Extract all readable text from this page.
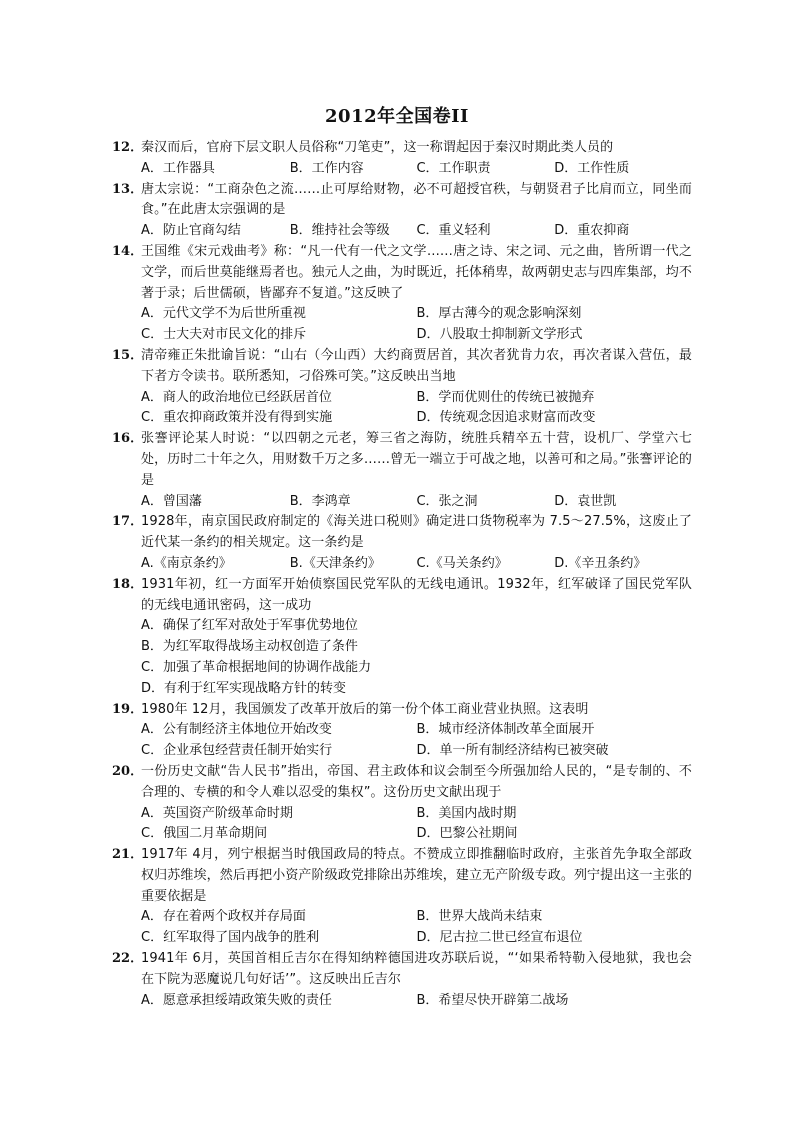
2012年全国卷II
12．
秦汉而后，官府下层文职人员俗称“刀笔吏”，这一称谓起因于秦汉时期此类人员的
A．工作器具	B．工作内容	C．工作职责	D．工作性质
13．
唐太宗说：“工商杂色之流……止可厚给财物，必不可超授官秩，与朝贤君子比肩而立，同坐而食。”在此唐太宗强调的是
A．防止官商勾结	B．维持社会等级	C．重义轻利	D．重农抑商
14．
王国维《宋元戏曲考》称：“凡一代有一代之文学……唐之诗、宋之词、元之曲，皆所谓一代之文学，而后世莫能继焉者也。独元人之曲，为时既近，托体稍卑，故两朝史志与四库集部，均不著于录；后世儒硕，皆鄙弃不复道。”这反映了
A．元代文学不为后世所重视	B．厚古薄今的观念影响深刻
C．士大夫对市民文化的排斥	D．八股取士抑制新文学形式
15．
清帝雍正朱批谕旨说：“山右（今山西）大约商贾居首，其次者犹肯力农，再次者谋入营伍，最下者方令读书。联所悉知，刁俗殊可笑。”这反映出当地
A．商人的政治地位已经跃居首位	B．学而优则仕的传统已被抛弃
C．重农抑商政策并没有得到实施	D．传统观念因追求财富而改变
16．
张謇评论某人时说：“以四朝之元老，筹三省之海防，统胜兵精卒五十营，设机厂、学堂六七处，历时二十年之久，用财数千万之多……曾无一端立于可战之地，以善可和之局。”张謇评论的是
A．曾国藩	B．李鸿章	C．张之洞	D．袁世凯
17．
1928年，南京国民政府制定的《海关进口税则》确定进口货物税率为 7.5～27.5%，这废止了近代某一条约的相关规定。这一条约是
A.《南京条约》	B.《天津条约》	C.《马关条约》	D.《辛丑条约》
18．
1931年初，红一方面军开始侦察国民党军队的无线电通讯。1932年，红军破译了国民党军队的无线电通讯密码，这一成功
A．确保了红军对敌处于军事优势地位
B．为红军取得战场主动权创造了条件
C．加强了革命根据地间的协调作战能力
D．有利于红军实现战略方针的转变
19．
1980年 12月，我国颁发了改革开放后的第一份个体工商业营业执照。这表明
A．公有制经济主体地位开始改变	B．城市经济体制改革全面展开
C．企业承包经营责任制开始实行	D．单一所有制经济结构已被突破
20．
一份历史文献“告人民书”指出，帝国、君主政体和议会制至今所强加给人民的，“是专制的、不合理的、专横的和令人难以忍受的集权”。这份历史文献出现于
A．英国资产阶级革命时期	B．美国内战时期
C．俄国二月革命期间	D．巴黎公社期间
21．
1917年 4月，列宁根据当时俄国政局的特点。不赞成立即推翻临时政府，主张首先争取全部政权归苏维埃，然后再把小资产阶级政党排除出苏维埃，建立无产阶级专政。列宁提出这一主张的重要依据是
A．存在着两个政权并存局面	B．世界大战尚未结束
C．红军取得了国内战争的胜利	D．尼古拉二世已经宣布退位
22．
1941年 6月，英国首相丘吉尔在得知纳粹德国进攻苏联后说，“‘如果希特勒入侵地狱，我也会在下院为恶魔说几句好话’”。这反映出丘吉尔
A．愿意承担绥靖政策失败的责任	B．希望尽快开辟第二战场
